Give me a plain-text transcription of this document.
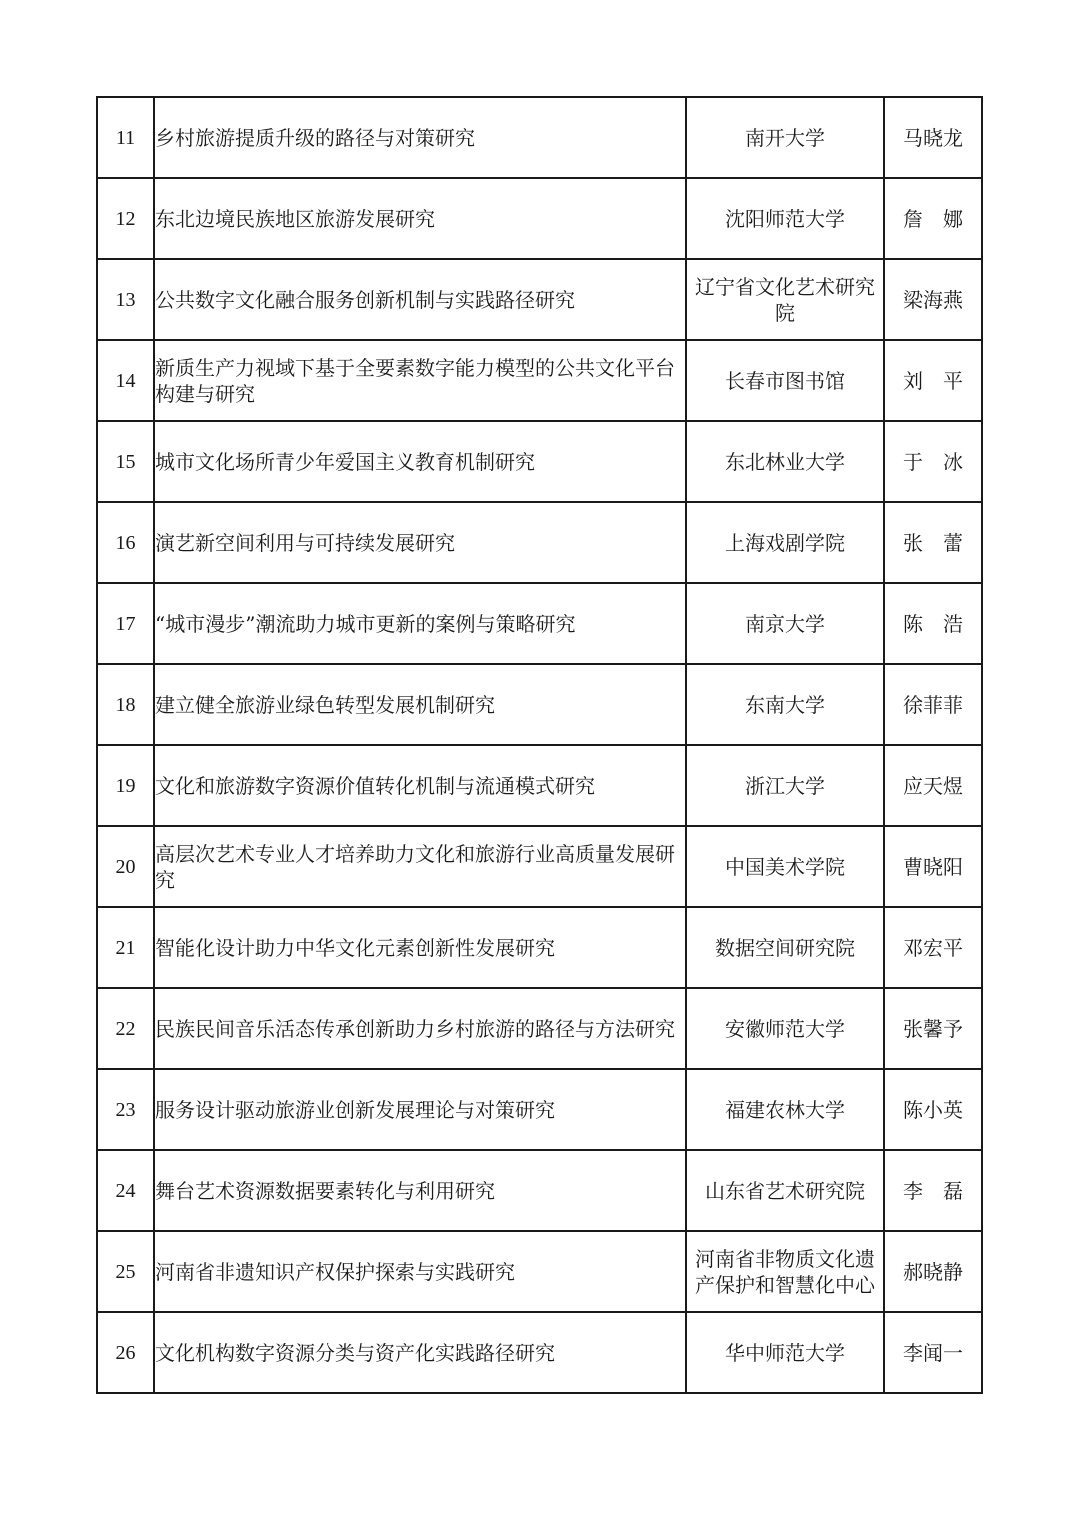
11	乡村旅游提质升级的路径与对策研究	南开大学	马晓龙
12	东北边境民族地区旅游发展研究	沈阳师范大学	詹　娜
13	公共数字文化融合服务创新机制与实践路径研究	辽宁省文化艺术研究院	梁海燕
14	新质生产力视域下基于全要素数字能力模型的公共文化平台构建与研究	长春市图书馆	刘　平
15	城市文化场所青少年爱国主义教育机制研究	东北林业大学	于　冰
16	演艺新空间利用与可持续发展研究	上海戏剧学院	张　蕾
17	“城市漫步”潮流助力城市更新的案例与策略研究	南京大学	陈　浩
18	建立健全旅游业绿色转型发展机制研究	东南大学	徐菲菲
19	文化和旅游数字资源价值转化机制与流通模式研究	浙江大学	应天煜
20	高层次艺术专业人才培养助力文化和旅游行业高质量发展研究	中国美术学院	曹晓阳
21	智能化设计助力中华文化元素创新性发展研究	数据空间研究院	邓宏平
22	民族民间音乐活态传承创新助力乡村旅游的路径与方法研究	安徽师范大学	张馨予
23	服务设计驱动旅游业创新发展理论与对策研究	福建农林大学	陈小英
24	舞台艺术资源数据要素转化与利用研究	山东省艺术研究院	李　磊
25	河南省非遗知识产权保护探索与实践研究	河南省非物质文化遗产保护和智慧化中心	郝晓静
26	文化机构数字资源分类与资产化实践路径研究	华中师范大学	李闻一
